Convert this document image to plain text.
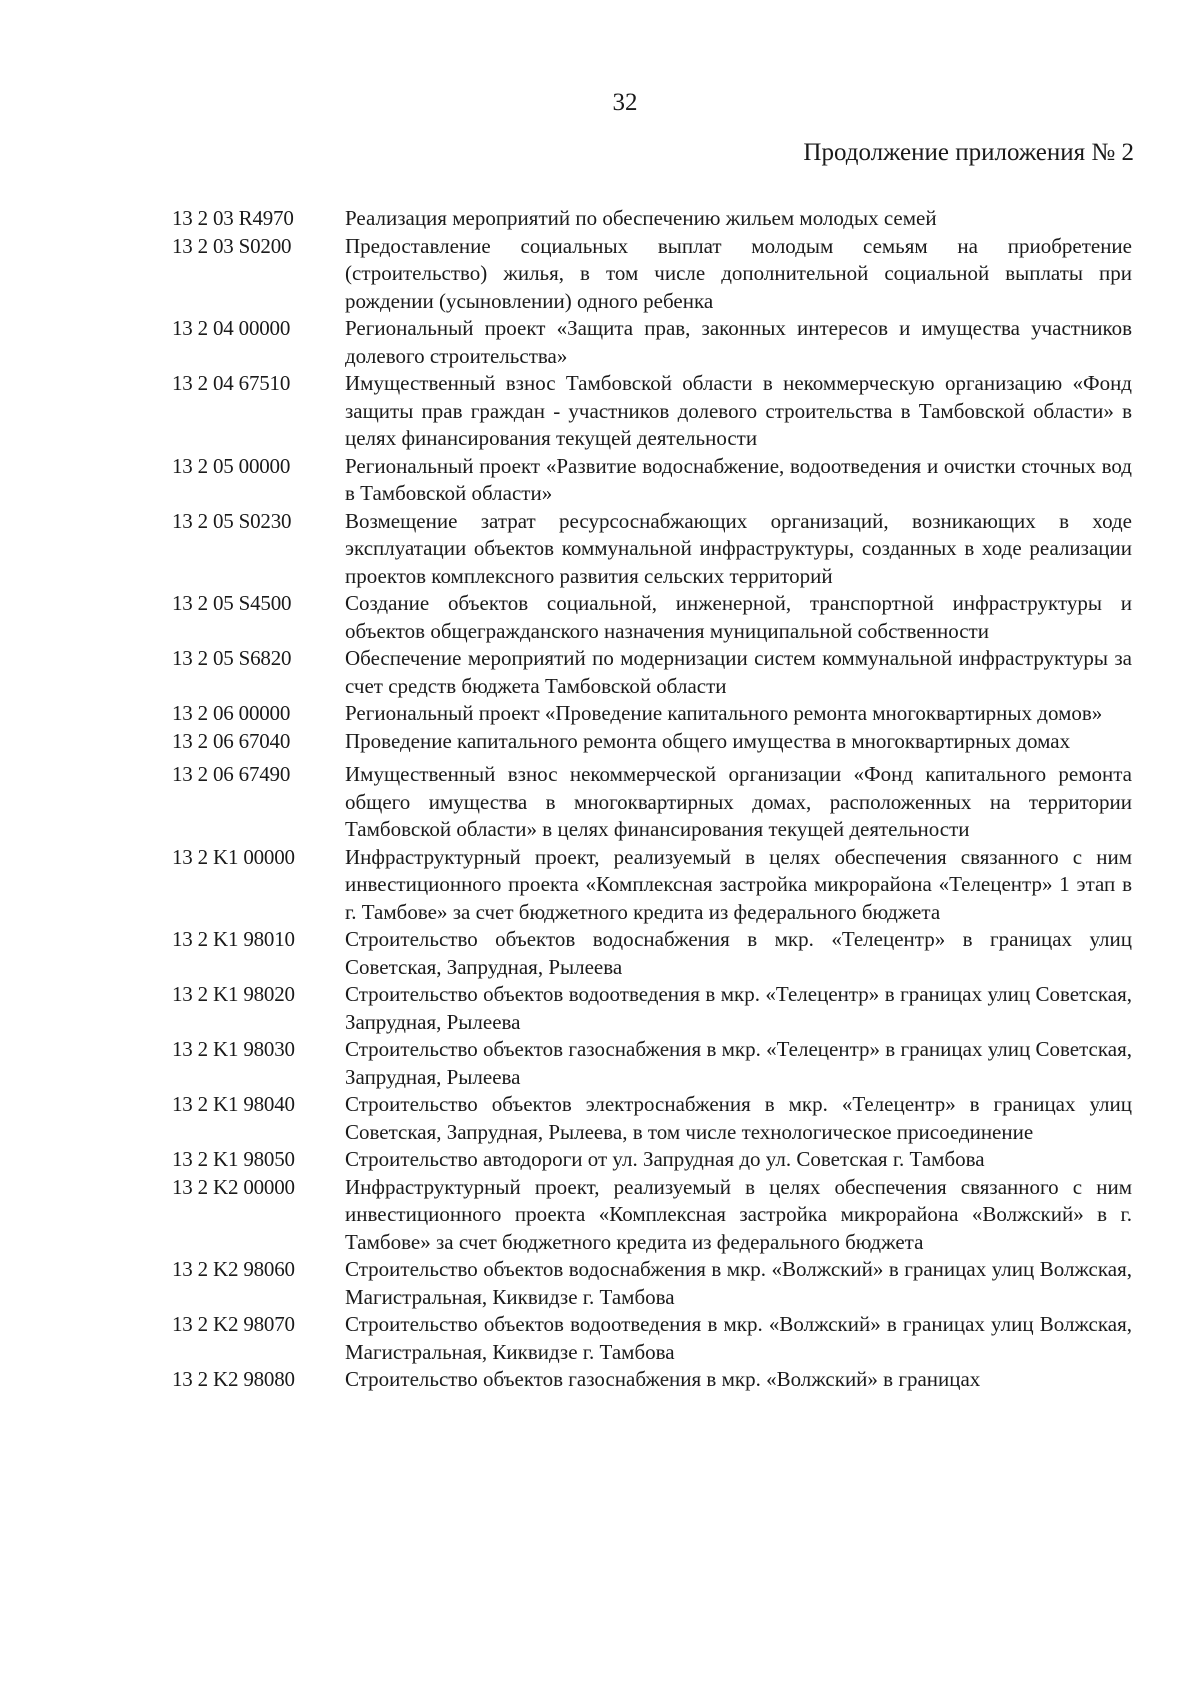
32
Продолжение приложения № 2
13 2 03 R4970	Реализация мероприятий по обеспечению жильем молодых семей
13 2 03 S0200	Предоставление социальных выплат молодым семьям на приобретение (строительство) жилья, в том числе дополнительной социальной выплаты при рождении (усыновлении) одного ребенка
13 2 04 00000	Региональный проект «Защита прав, законных интересов и имущества участников долевого строительства»
13 2 04 67510	Имущественный взнос Тамбовской области в некоммерческую организацию «Фонд защиты прав граждан - участников долевого строительства в Тамбовской области» в целях финансирования текущей деятельности
13 2 05 00000	Региональный проект «Развитие водоснабжение, водоотведения и очистки сточных вод в Тамбовской области»
13 2 05 S0230	Возмещение затрат ресурсоснабжающих организаций, возникающих в ходе эксплуатации объектов коммунальной инфраструктуры, созданных в ходе реализации проектов комплексного развития сельских территорий
13 2 05 S4500	Создание объектов социальной, инженерной, транспортной инфраструктуры и объектов общегражданского назначения муниципальной собственности
13 2 05 S6820	Обеспечение мероприятий по модернизации систем коммунальной инфраструктуры за счет средств бюджета Тамбовской области
13 2 06 00000	Региональный проект «Проведение капитального ремонта многоквартирных домов»
13 2 06 67040	Проведение капитального ремонта общего имущества в многоквартирных домах
13 2 06 67490	Имущественный взнос некоммерческой организации «Фонд капитального ремонта общего имущества в многоквартирных домах, расположенных на территории Тамбовской области» в целях финансирования текущей деятельности
13 2 K1 00000	Инфраструктурный проект, реализуемый в целях обеспечения связанного с ним инвестиционного проекта «Комплексная застройка микрорайона «Телецентр» 1 этап в г. Тамбове» за счет бюджетного кредита из федерального бюджета
13 2 K1 98010	Строительство объектов водоснабжения в мкр. «Телецентр» в границах улиц Советская, Запрудная, Рылеева
13 2 K1 98020	Строительство объектов водоотведения в мкр. «Телецентр» в границах улиц Советская, Запрудная, Рылеева
13 2 K1 98030	Строительство объектов газоснабжения в мкр. «Телецентр» в границах улиц Советская, Запрудная, Рылеева
13 2 K1 98040	Строительство объектов электроснабжения в мкр. «Телецентр» в границах улиц Советская, Запрудная, Рылеева, в том числе технологическое присоединение
13 2 K1 98050	Строительство автодороги от ул. Запрудная до ул. Советская г. Тамбова
13 2 K2 00000	Инфраструктурный проект, реализуемый в целях обеспечения связанного с ним инвестиционного проекта «Комплексная застройка микрорайона «Волжский» в г. Тамбове» за счет бюджетного кредита из федерального бюджета
13 2 K2 98060	Строительство объектов водоснабжения в мкр. «Волжский» в границах улиц Волжская, Магистральная, Киквидзе г. Тамбова
13 2 K2 98070	Строительство объектов водоотведения в мкр. «Волжский» в границах улиц Волжская, Магистральная, Киквидзе г. Тамбова
13 2 K2 98080	Строительство объектов газоснабжения в мкр. «Волжский» в границах
